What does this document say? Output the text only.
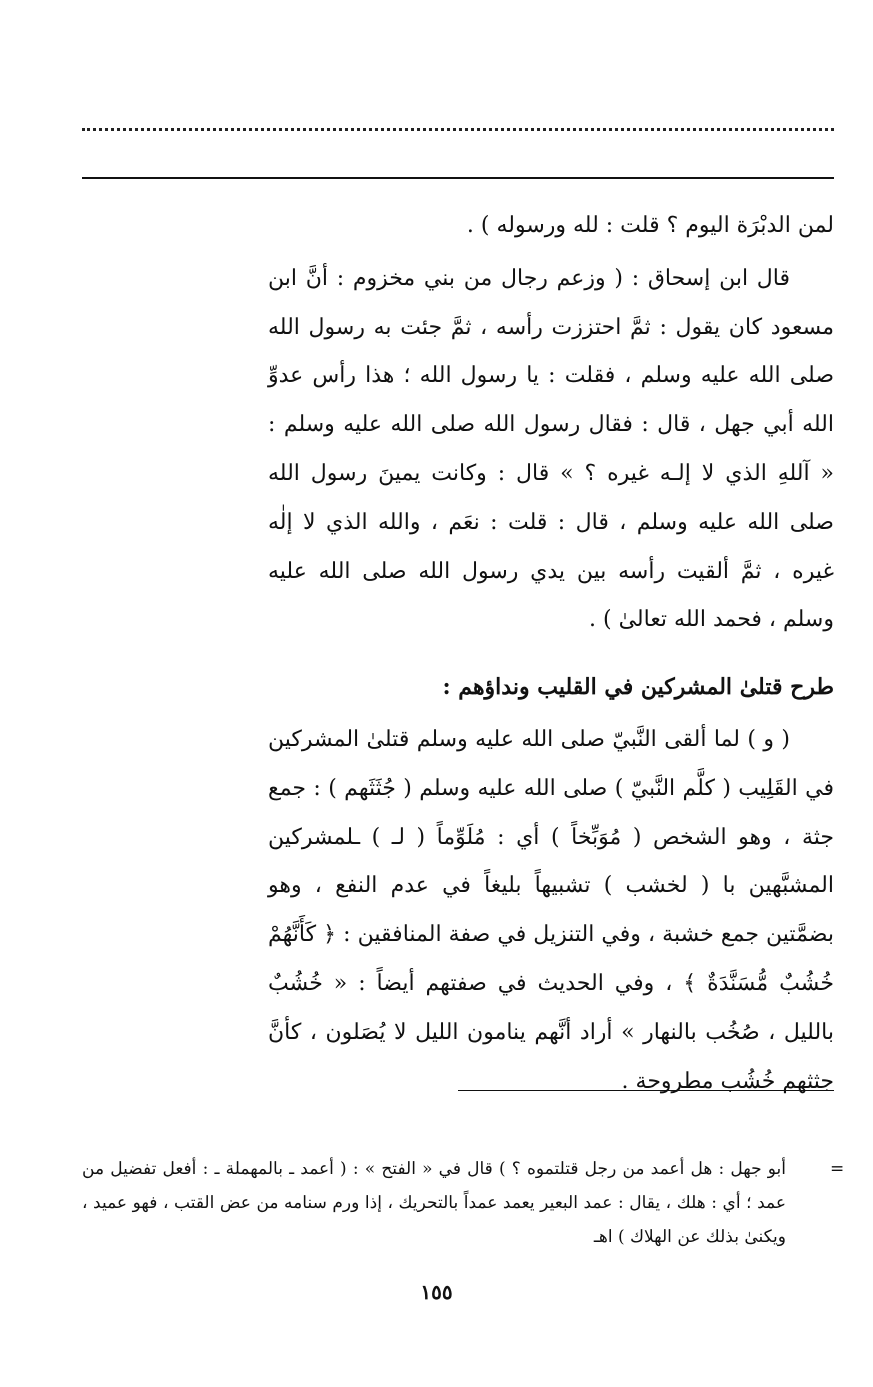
لمن الدبْرَة اليوم ؟ قلت : لله ورسوله ) .

قال ابن إسحاق : ( وزعم رجال من بني مخزوم : أنَّ ابن مسعود كان يقول : ثمَّ احتززت رأسه ، ثمَّ جئت به رسول الله صلى الله عليه وسلم ، فقلت : يا رسول الله ؛ هذا رأس عدوِّ الله أبي جهل ، قال : فقال رسول الله صلى الله عليه وسلم : « آللهِ الذي لا إلـه غيره ؟ » قال : وكانت يمينَ رسول الله صلى الله عليه وسلم ، قال : قلت : نعَم ، والله الذي لا إلٰه غيره ، ثمَّ ألقيت رأسه بين يدي رسول الله صلى الله عليه وسلم ، فحمد الله تعالىٰ ) .

طرح قتلىٰ المشركين في القليب ونداؤهم :

( و ) لما ألقى النَّبيّ صلى الله عليه وسلم قتلىٰ المشركين في القَلِيب ( كلَّم النَّبيّ ) صلى الله عليه وسلم ( جُثَثَهم ) : جمع جثة ، وهو الشخص ( مُوَبِّخاً ) أي : مُلَوِّماً ( لـ ) ـلمشركين المشبَّهين با ( لخشب ) تشبيهاً بليغاً في عدم النفع ، وهو بضمَّتين جمع خشبة ، وفي التنزيل في صفة المنافقين : ﴿ كَأَنَّهُمْ خُشُبٌ مُّسَنَّدَةٌ ﴾ ، وفي الحديث في صفتهم أيضاً : « خُشُبٌ بالليل ، صُخُب بالنهار » أراد أنَّهم ينامون الليل لا يُصَلون ، كأنَّ جثثهم خُشُب مطروحة .

=

أبو جهل : هل أعمد من رجل قتلتموه ؟ ) قال في « الفتح » : ( أعمد ـ بالمهملة ـ : أفعل تفضيل من عمد ؛ أي : هلك ، يقال : عمد البعير يعمد عمداً بالتحريك ، إذا ورم سنامه من عض القتب ، فهو عميد ، ويكنىٰ بذلك عن الهلاك ) اهـ

١٥٥
